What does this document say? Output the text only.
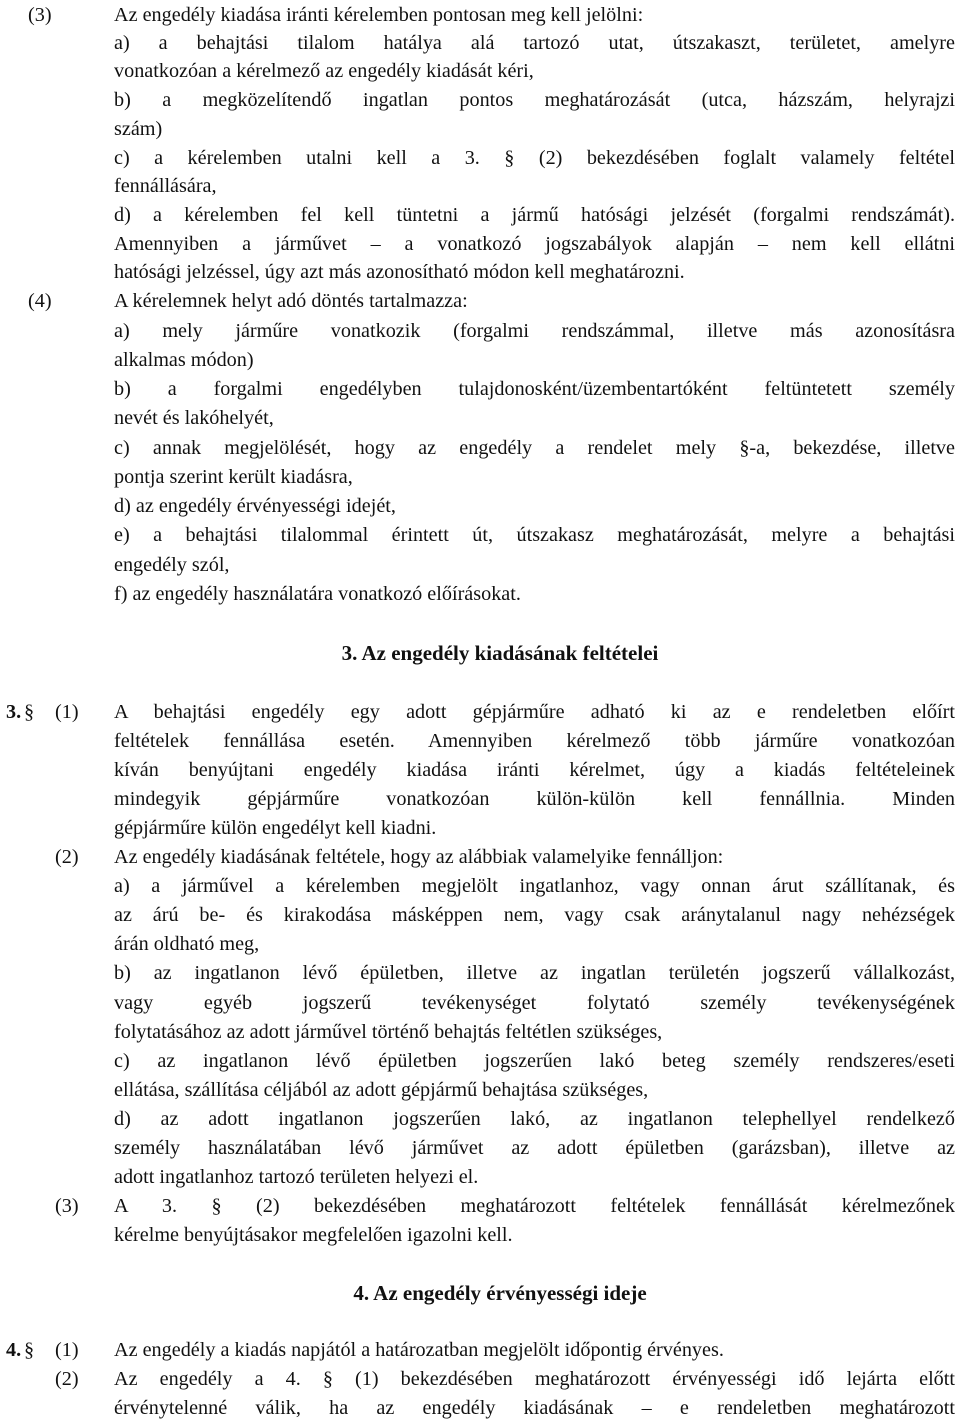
(3)	Az engedély kiadása iránti kérelemben pontosan meg kell jelölni:
a) a behajtási tilalom hatálya alá tartozó utat, útszakaszt, területet, amelyre
vonatkozóan a kérelmező az engedély kiadását kéri,
b) a megközelítendő ingatlan pontos meghatározását (utca, házszám, helyrajzi
szám)
c) a kérelemben utalni kell a 3. § (2) bekezdésében foglalt valamely feltétel
fennállására,
d) a kérelemben fel kell tüntetni a jármű hatósági jelzését (forgalmi rendszámát).
Amennyiben a járművet – a vonatkozó jogszabályok alapján – nem kell ellátni
hatósági jelzéssel, úgy azt más azonosítható módon kell meghatározni.
(4)	A kérelemnek helyt adó döntés tartalmazza:
a) mely járműre vonatkozik (forgalmi rendszámmal, illetve más azonosításra
alkalmas módon)
b) a forgalmi engedélyben tulajdonosként/üzembentartóként feltüntetett személy
nevét és lakóhelyét,
c) annak megjelölését, hogy az engedély a rendelet mely §-a, bekezdése, illetve
pontja szerint került kiadásra,
d) az engedély érvényességi idejét,
e) a behajtási tilalommal érintett út, útszakasz meghatározását, melyre a behajtási
engedély szól,
f) az engedély használatára vonatkozó előírásokat.
3. Az engedély kiadásának feltételei
3. § (1)	A behajtási engedély egy adott gépjárműre adható ki az e rendeletben előírt
feltételek fennállása esetén. Amennyiben kérelmező több járműre vonatkozóan
kíván benyújtani engedély kiadása iránti kérelmet, úgy a kiadás feltételeinek
mindegyik gépjárműre vonatkozóan külön-külön kell fennállnia. Minden
gépjárműre külön engedélyt kell kiadni.
(2)	Az engedély kiadásának feltétele, hogy az alábbiak valamelyike fennálljon:
a) a járművel a kérelemben megjelölt ingatlanhoz, vagy onnan árut szállítanak, és
az árú be- és kirakodása másképpen nem, vagy csak aránytalanul nagy nehézségek
árán oldható meg,
b) az ingatlanon lévő épületben, illetve az ingatlan területén jogszerű vállalkozást,
vagy egyéb jogszerű tevékenységet folytató személy tevékenységének
folytatásához az adott járművel történő behajtás feltétlen szükséges,
c) az ingatlanon lévő épületben jogszerűen lakó beteg személy rendszeres/eseti
ellátása, szállítása céljából az adott gépjármű behajtása szükséges,
d) az adott ingatlanon jogszerűen lakó, az ingatlanon telephellyel rendelkező
személy használatában lévő járművet az adott épületben (garázsban), illetve az
adott ingatlanhoz tartozó területen helyezi el.
(3)	A 3. § (2) bekezdésében meghatározott feltételek fennállását kérelmezőnek
kérelme benyújtásakor megfelelően igazolni kell.
4. Az engedély érvényességi ideje
4. § (1)	Az engedély a kiadás napjától a határozatban megjelölt időpontig érvényes.
(2)	Az engedély a 4. § (1) bekezdésében meghatározott érvényességi idő lejárta előtt
érvénytelenné válik, ha az engedély kiadásának – e rendeletben meghatározott
